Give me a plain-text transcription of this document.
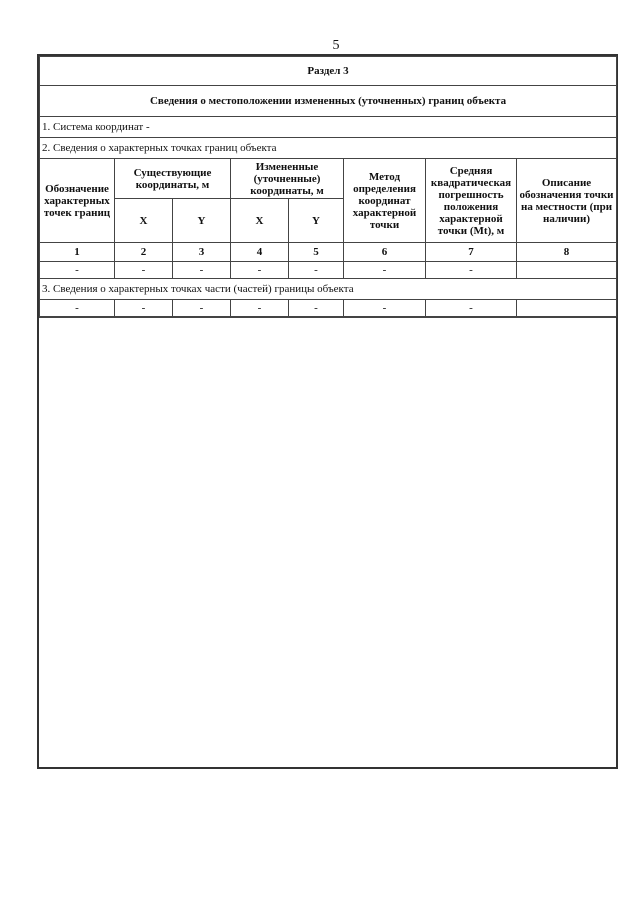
5
Раздел 3							
Сведения о местоположении измененных (уточненных) границ объекта							
1. Система координат -							
2. Сведения о характерных точках границ объекта							
Обозначение характерных точек границ	Существующие координаты, м		Измененные (уточненные) координаты, м		Метод определения координат характерной точки	Средняя квадратическая погрешность положения характерной точки (Mt), м	Описание обозначения точки на местности (при наличии)
	X	Y	X	Y			
1	2	3	4	5	6	7	8
-	-	-	-	-	-	-	
3. Сведения о характерных точках части (частей) границы объекта							
-	-	-	-	-	-	-	
